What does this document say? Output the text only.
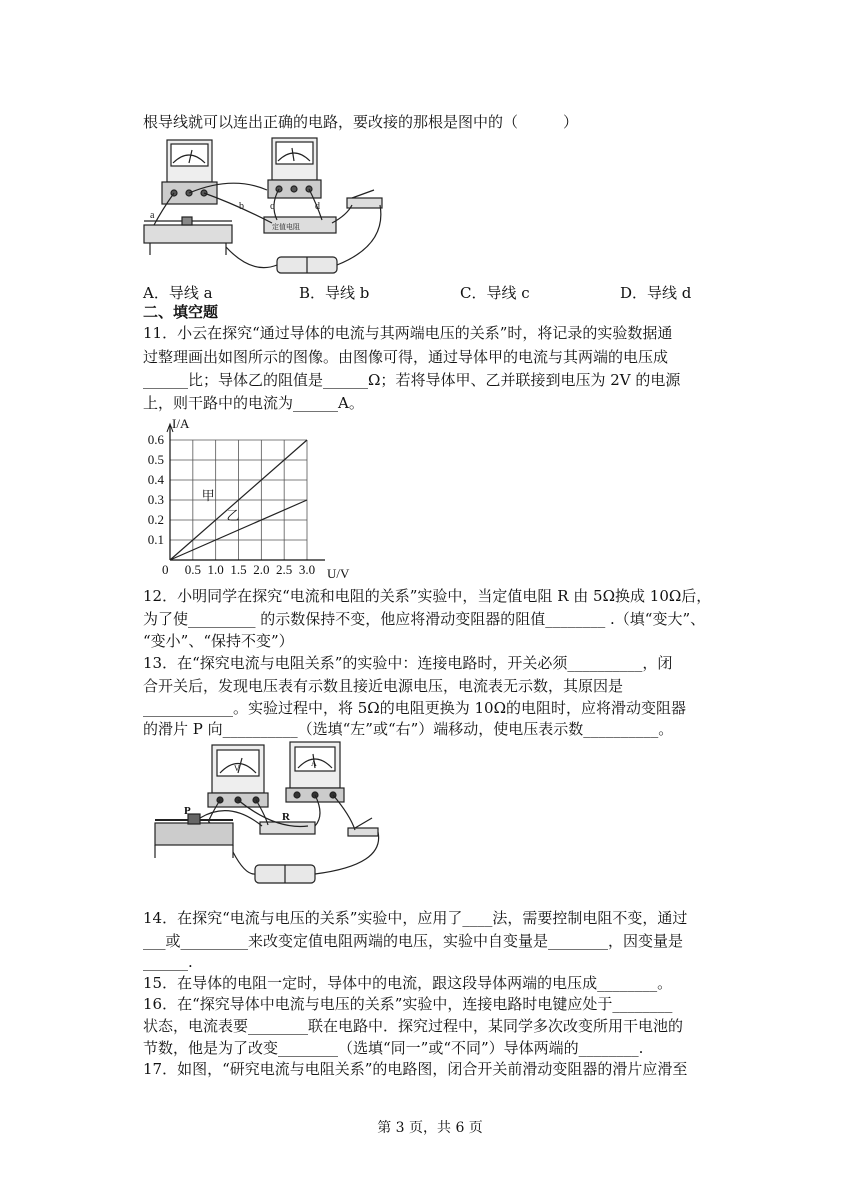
根导线就可以连出正确的电路，要改接的那根是图中的（　　　）
定值电阻
a
b	c	d
A．导线 a	B．导线 b	C．导线 c	D．导线 d
二、填空题
11．小云在探究“通过导体的电流与其两端电压的关系”时，将记录的实验数据通
过整理画出如图所示的图像。由图像可得，通过导体甲的电流与其两端的电压成
______比；导体乙的阻值是______Ω；若将导体甲、乙并联接到电压为 2V 的电源
上，则干路中的电流为______A。
0 0.5 1.0 1.5 2.0 2.5 3.0
0.1
0.2
0.3
0.4
0.5
0.6
I/A
U/V
甲
乙
12．小明同学在探究“电流和电阻的关系”实验中，当定值电阻 R 由 5Ω换成 10Ω后，
为了使_________ 的示数保持不变，他应将滑动变阻器的阻值________ .（填“变大”、
“变小”、“保持不变”）
13．在“探究电流与电阻关系”的实验中：连接电路时，开关必须__________，闭
合开关后，发现电压表有示数且接近电源电压，电流表无示数，其原因是
____________。实验过程中，将 5Ω的电阻更换为 10Ω的电阻时，应将滑动变阻器
的滑片 P 向__________（选填“左”或“右”）端移动，使电压表示数__________。
P	R
V
A
14．在探究“电流与电压的关系”实验中，应用了____法，需要控制电阻不变，通过
___或_________来改变定值电阻两端的电压，实验中自变量是________，因变量是
______.
15．在导体的电阻一定时，导体中的电流，跟这段导体两端的电压成________。
16．在“探究导体中电流与电压的关系”实验中，连接电路时电键应处于________
状态，电流表要________联在电路中．探究过程中，某同学多次改变所用干电池的
节数，他是为了改变________（选填“同一”或“不同”）导体两端的________.
17．如图，“研究电流与电阻关系”的电路图，闭合开关前滑动变阻器的滑片应滑至
第 3 页，共 6 页
